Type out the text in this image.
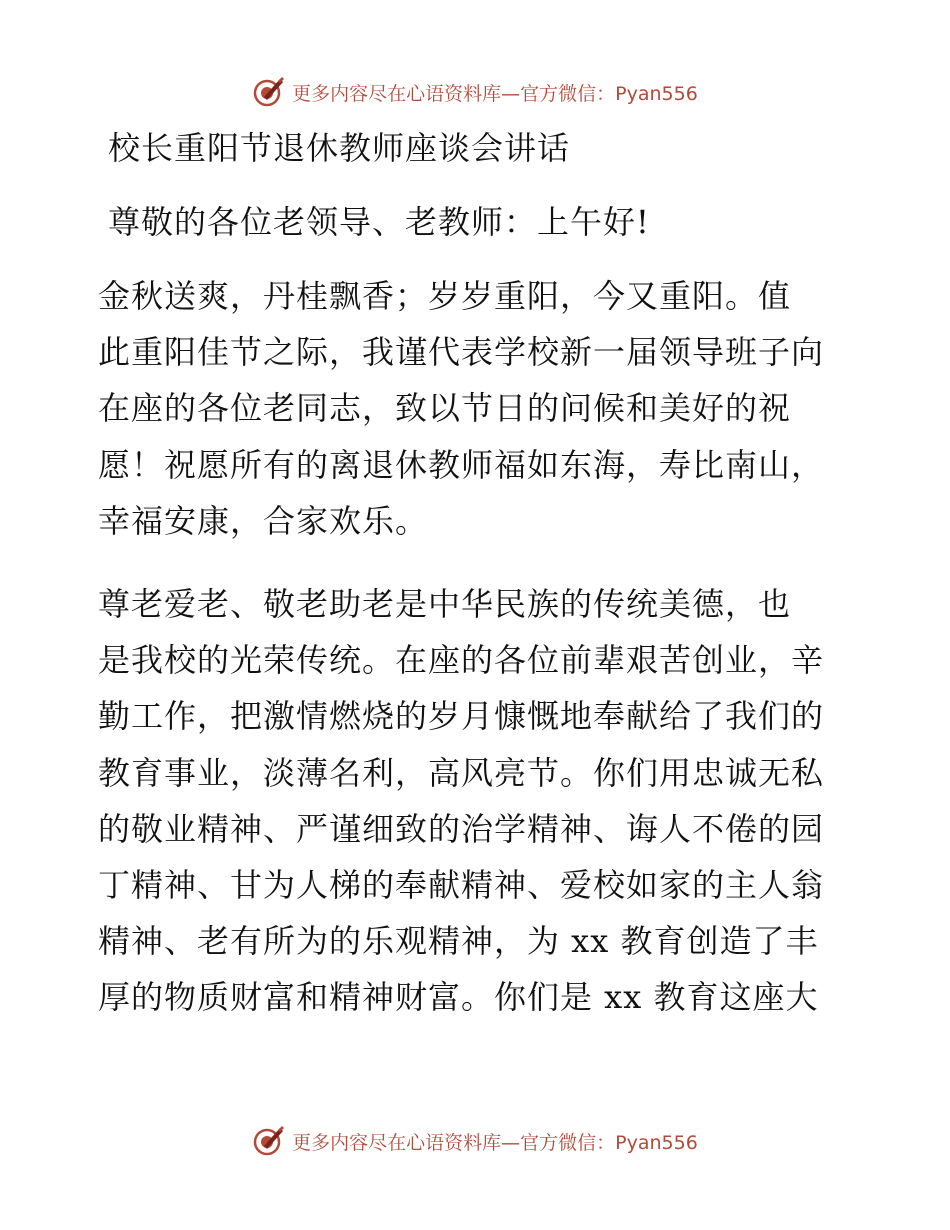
更多内容尽在心语资料库—官方微信：Pyan556
校长重阳节退休教师座谈会讲话
尊敬的各位老领导、老教师：上午好!
金秋送爽，丹桂飘香；岁岁重阳，今又重阳。值
此重阳佳节之际，我谨代表学校新一届领导班子向
在座的各位老同志，致以节日的问候和美好的祝
愿！祝愿所有的离退休教师福如东海，寿比南山，
幸福安康，合家欢乐。
尊老爱老、敬老助老是中华民族的传统美德，也
是我校的光荣传统。在座的各位前辈艰苦创业，辛
勤工作，把激情燃烧的岁月慷慨地奉献给了我们的
教育事业，淡薄名利，高风亮节。你们用忠诚无私
的敬业精神、严谨细致的治学精神、诲人不倦的园
丁精神、甘为人梯的奉献精神、爱校如家的主人翁
精神、老有所为的乐观精神，为 xx 教育创造了丰
厚的物质财富和精神财富。你们是 xx 教育这座大
更多内容尽在心语资料库—官方微信：Pyan556
